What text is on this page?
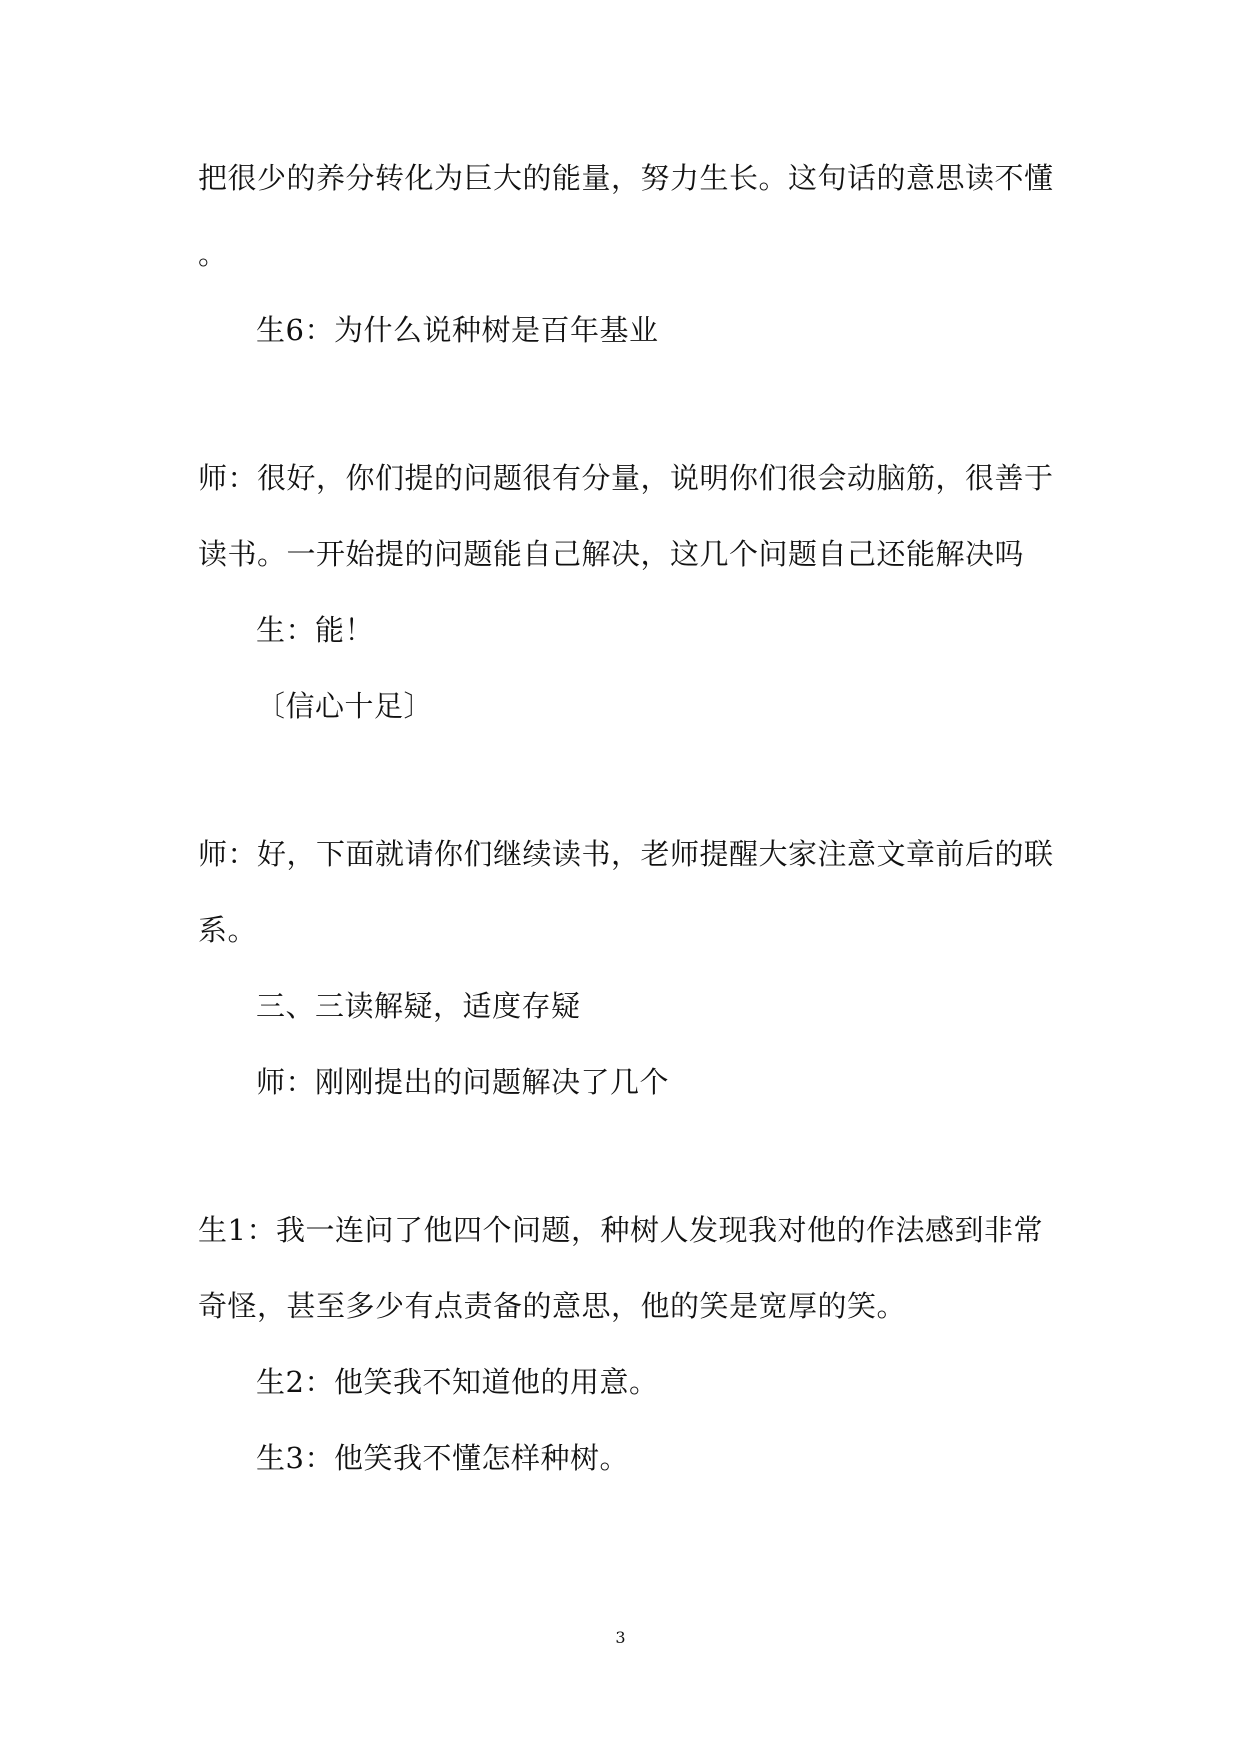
把很少的养分转化为巨大的能量，努力生长。这句话的意思读不懂
。
生6：为什么说种树是百年基业
师：很好，你们提的问题很有分量，说明你们很会动脑筋，很善于
读书。一开始提的问题能自己解决，这几个问题自己还能解决吗
生：能！
〔信心十足〕
师：好，下面就请你们继续读书，老师提醒大家注意文章前后的联
系。
三、三读解疑，适度存疑
师：刚刚提出的问题解决了几个
生1：我一连问了他四个问题，种树人发现我对他的作法感到非常
奇怪，甚至多少有点责备的意思，他的笑是宽厚的笑。
生2：他笑我不知道他的用意。
生3：他笑我不懂怎样种树。
3
